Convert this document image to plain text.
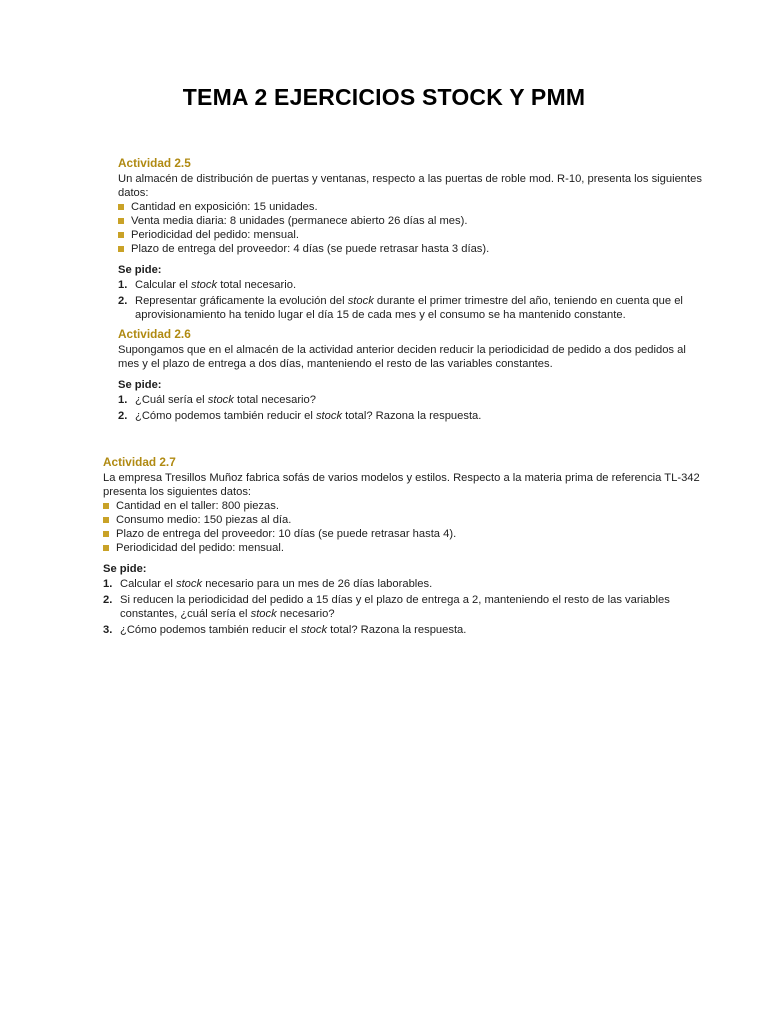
TEMA 2 EJERCICIOS STOCK Y PMM
Actividad 2.5

Un almacén de distribución de puertas y ventanas, respecto a las puertas de roble mod. R-10, presenta los siguientes datos:

Cantidad en exposición: 15 unidades.
Venta media diaria: 8 unidades (permanece abierto 26 días al mes).
Periodicidad del pedido: mensual.
Plazo de entrega del proveedor: 4 días (se puede retrasar hasta 3 días).
Se pide:
1. Calcular el stock total necesario.
2. Representar gráficamente la evolución del stock durante el primer trimestre del año, teniendo en cuenta que el aprovisionamiento ha tenido lugar el día 15 de cada mes y el consumo se ha mantenido constante.
Actividad 2.6

Supongamos que en el almacén de la actividad anterior deciden reducir la periodicidad de pedido a dos pedidos al mes y el plazo de entrega a dos días, manteniendo el resto de las variables constantes.

Se pide:
1. ¿Cuál sería el stock total necesario?
2. ¿Cómo podemos también reducir el stock total? Razona la respuesta.
Actividad 2.7

La empresa Tresillos Muñoz fabrica sofás de varios modelos y estilos. Respecto a la materia prima de referencia TL-342 presenta los siguientes datos:

Cantidad en el taller: 800 piezas.
Consumo medio: 150 piezas al día.
Plazo de entrega del proveedor: 10 días (se puede retrasar hasta 4).
Periodicidad del pedido: mensual.
Se pide:
1. Calcular el stock necesario para un mes de 26 días laborables.
2. Si reducen la periodicidad del pedido a 15 días y el plazo de entrega a 2, manteniendo el resto de las variables constantes, ¿cuál sería el stock necesario?
3. ¿Cómo podemos también reducir el stock total? Razona la respuesta.
